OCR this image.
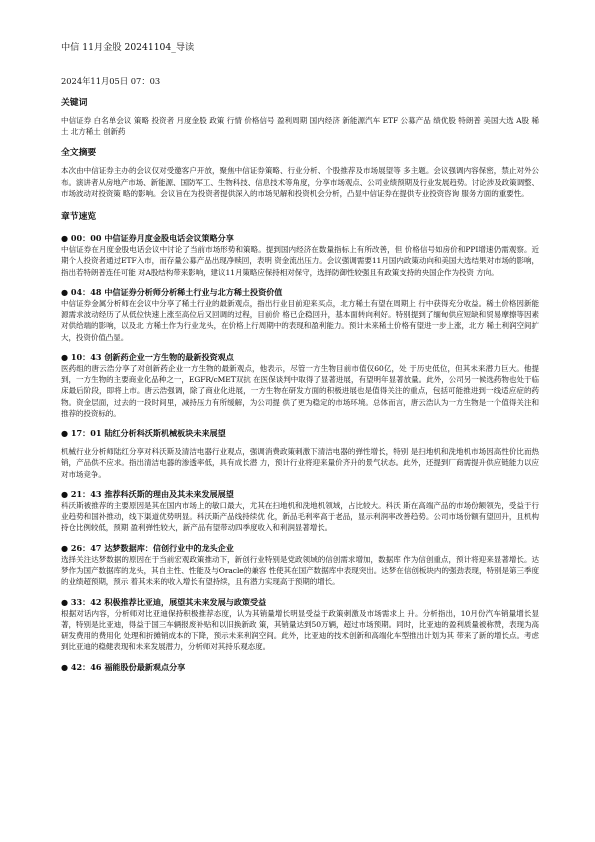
中信 11月金股 20241104_导读

2024年11月05日 07：03
关键词
中信证券 白名单会议 策略 投资者 月度金股 政策 行情 价格信号 盈利周期 国内经济 新能源汽车 ETF 公募产品 绩优股 特朗普 美国大选 A股 稀土 北方稀土 创新药
全文摘要
本次由中信证券主办的会议仅对受邀客户开放，聚焦中信证券策略、行业分析、个股推荐及市场展望等 多主题。会议强调内容保密，禁止对外公布。演讲者从房地产市场、新能源、国防军工、生物科技、信息技术等角度，分享市场观点、公司业绩预期及行业发展趋势。讨论涉及政策调整、市场波动对投资策 略的影响。会议旨在为投资者提供深入的市场见解和投资机会分析，凸显中信证券在提供专业投资咨询 服务方面的重要性。
章节速览

● 00：00 中信证券月度金股电话会议策略分享

中信证券在月度金股电话会议中讨论了当前市场形势和策略。提到国内经济在数量指标上有所改善，但 价格信号如房价和PPI增速仍需观察。近期个人投资者通过ETF入市，而存量公募产品出现净赎回，表明 资金流出压力。会议强调需要11月国内政策动向和美国大选结果对市场的影响，指出若特朗普连任可能 对A股结构带来影响，建议11月策略应保持相对保守，选择防御性较强且有政策支持的央国企作为投资 方向。

● 04：48 中信证券分析师分析稀土行业与北方稀土投资价值

中信证券金属分析师在会议中分享了稀土行业的最新观点，指出行业目前迎来买点，北方稀土有望在周期上 行中获得充分收益。稀土价格因新能源需求波动经历了从低位快速上涨至高位后又回调的过程，目前价 格已企稳回升，基本面转向利好。特别提到了缅甸供应短缺和贸易摩擦等因素对供给端的影响，以及北 方稀土作为行业龙头，在价格上行周期中的表现和盈利能力。预计未来稀土价格有望进一步上涨，北方 稀土利润空间扩大，投资价值凸显。

● 10：43 创新药企业一方生物的最新投资观点

医药组的唐云浩分享了对创新药企业一方生物的最新观点，他表示，尽管一方生物目前市值仅60亿，处 于历史低位，但其未来潜力巨大。他提到，一方生物的主要商业化品种之一，EGFR/cMET双抗 在医保谈判中取得了显著进展，有望明年显著放量。此外，公司另一候选药物也处于临床最后阶段，即将上市。唐云浩强调，除了商业化进展，一方生物在研发方面的积极进展也是值得关注的重点，包括可能推进到一线适应症的药物。资金层面，过去的一段时间里，减持压力有所缓解，为公司提 供了更为稳定的市场环境。总体而言，唐云浩认为一方生物是一个值得关注和推荐的投资标的。

● 17：01 陆红分析科沃斯机械板块未来展望

机械行业分析师陆红分享对科沃斯及清洁电器行业观点，强调消费政策刺激下清洁电器的弹性增长，特别 是扫地机和洗地机市场因高性价比而热销，产品供不应求。指出清洁电器的渗透率低，具有成长潜 力，预计行业将迎来量价齐升的景气状态。此外，还提到厂商需提升供应链能力以应对市场竞争。

● 21：43 推荐科沃斯的理由及其未来发展展望

科沃斯被推荐的主要原因是其在国内市场上的敏口最大，尤其在扫地机和洗地机领域，占比较大。科沃 斯在高端产品的市场份额领先，受益于行业趋势和国补推动，线下渠道优势明显。科沃斯产品线持续优 化，新品毛利率高于老品，显示利润率改善趋势。公司市场份额有望回升，且机构持仓比例较低，预期 盈利弹性较大，新产品有望带动四季度收入和利润显著增长。

● 26：47 达梦数据库：信创行业中的龙头企业

选择关注达梦数据的原因在于当前宏观政策推动下，新创行业特别是党政领域的信创需求增加，数据库 作为信创重点，预计将迎来显著增长。达梦作为国产数据库的龙头，其自主性、性能及与Oracle的兼容 性使其在国产数据库中表现突出。达梦在信创板块内的强劲表现，特别是第三季度的业绩超预期，预示 着其未来的收入增长有望持续，且有潜力实现高于预期的增长。

● 33：42 积极推荐比亚迪，展望其未来发展与政策受益

根据对话内容，分析师对比亚迪保持积极推荐态度，认为其销量增长明显受益于政策刺激及市场需求上 升。分析指出，10月份汽车销量增长显著，特别是比亚迪，得益于国三车辆报废补贴和以旧换新政 策，其销量达到50万辆，超过市场预期。同时，比亚迪的盈利质量被称赞，表现为高研发费用的费用化 处理和折摊销成本的下降，预示未来利润空间。此外，比亚迪的技术创新和高端化车型推出计划为其 带来了新的增长点。考虑到比亚迪的稳健表现和未来发展潜力，分析师对其持乐观态度。

● 42：46 福能股份最新观点分享
